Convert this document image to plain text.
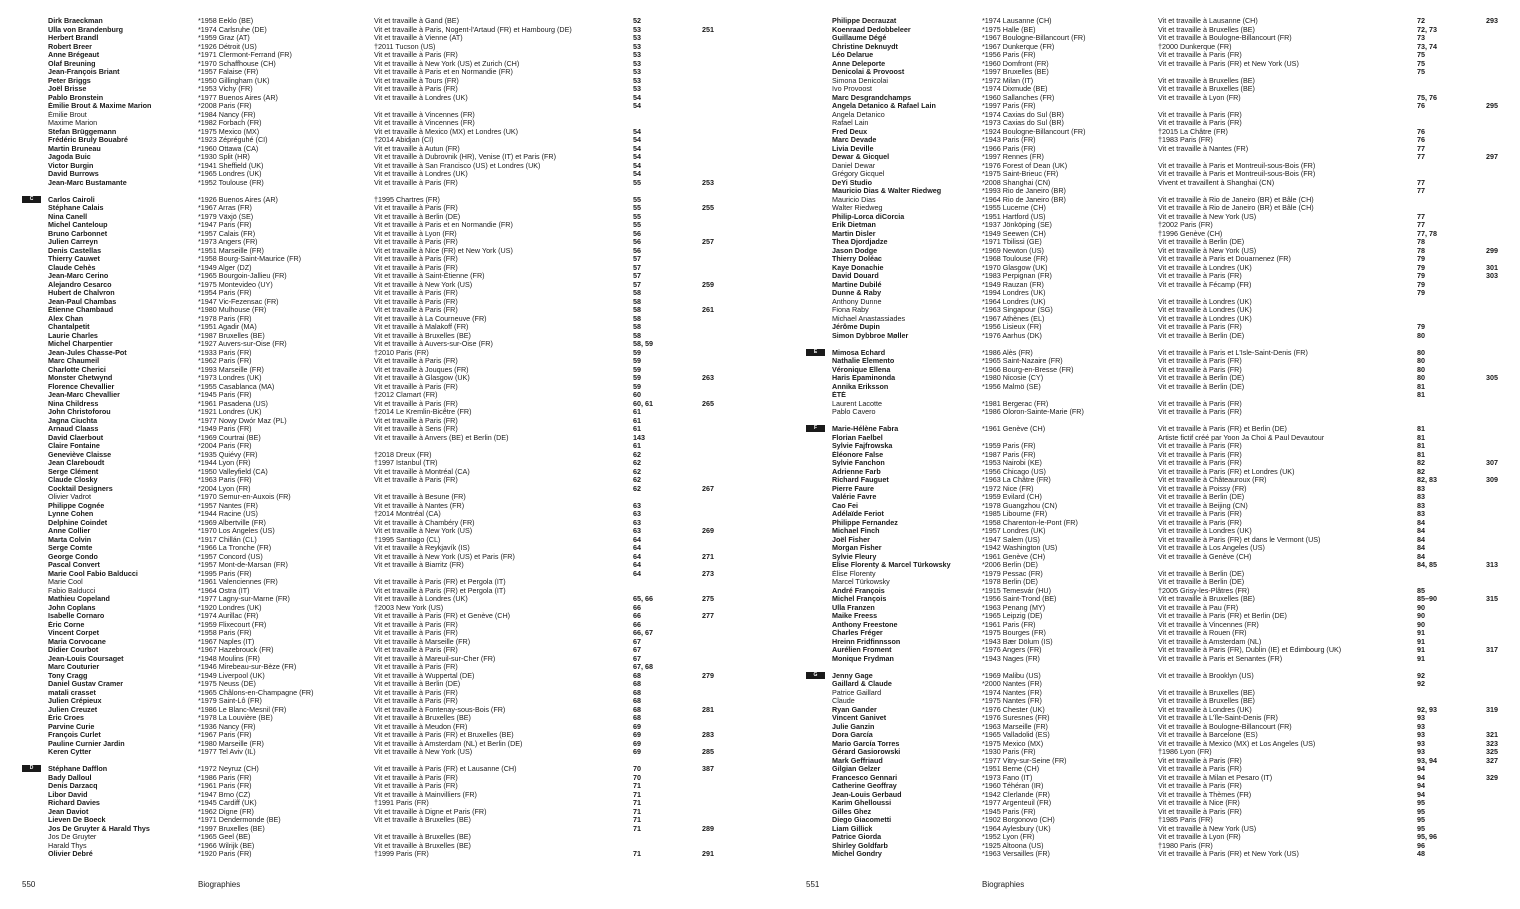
Dirk Braeckman	*1958 Eeklo (BE)	Vit et travaille à Gand (BE)	52
Ulla von Brandenburg	*1974 Carlsruhe (DE)	Vit et travaille à Paris, Nogent-l'Artaud (FR) et Hambourg (DE)	53	251
Herbert Brandl	*1959 Graz (AT)	Vit et travaille à Vienne (AT)	53
Robert Breer	*1926 Détroit (US)	†2011 Tucson (US)	53
Anne Brégeaut	*1971 Clermont-Ferrand (FR)	Vit et travaille à Paris (FR)	53
Olaf Breuning	*1970 Schaffhouse (CH)	Vit et travaille à New York (US) et Zurich (CH)	53
Jean-François Briant	*1957 Falaise (FR)	Vit et travaille à Paris et en Normandie (FR)	53
Peter Briggs	*1950 Gillingham (UK)	Vit et travaille à Tours (FR)	53
Joël Brisse	*1953 Vichy (FR)	Vit et travaille à Paris (FR)	53
Pablo Bronstein	*1977 Buenos Aires (AR)	Vit et travaille à Londres (UK)	54
Émilie Brout & Maxime Marion	*2008 Paris (FR)	54
Émilie Brout	*1984 Nancy (FR)	Vit et travaille à Vincennes (FR)
Maxime Marion	*1982 Forbach (FR)	Vit et travaille à Vincennes (FR)
Stefan Brüggemann	*1975 Mexico (MX)	Vit et travaille à Mexico (MX) et Londres (UK)	54
Frédéric Bruly Bouabré	*1923 Zépréguhé (CI)	†2014 Abidjan (CI)	54
Martin Bruneau	*1960 Ottawa (CA)	Vit et travaille à Autun (FR)	54
Jagoda Buic	*1930 Split (HR)	Vit et travaille à Dubrovnik (HR), Venise (IT) et Paris (FR)	54
Victor Burgin	*1941 Sheffield (UK)	Vit et travaille à San Francisco (US) et Londres (UK)	54
David Burrows	*1965 Londres (UK)	Vit et travaille à Londres (UK)	54
Jean-Marc Bustamante	*1952 Toulouse (FR)	Vit et travaille à Paris (FR)	55	253
C	Carlos Cairoli	*1926 Buenos Aires (AR)	†1995 Chartres (FR)	55
Stéphane Calais	*1967 Arras (FR)	Vit et travaille à Paris (FR)	55	255
Nina Canell	*1979 Växjö (SE)	Vit et travaille à Berlin (DE)	55
Michel Canteloup	*1947 Paris (FR)	Vit et travaille à Paris et en Normandie (FR)	55
Bruno Carbonnet	*1957 Calais (FR)	Vit et travaille à Lyon (FR)	56
Julien Carreyn	*1973 Angers (FR)	Vit et travaille à Paris (FR)	56	257
Denis Castellas	*1951 Marseille (FR)	Vit et travaille à Nice (FR) et New York (US)	56
Thierry Cauwet	*1958 Bourg-Saint-Maurice (FR)	Vit et travaille à Paris (FR)	57
Claude Cehès	*1949 Alger (DZ)	Vit et travaille à Paris (FR)	57
Jean-Marc Cerino	*1965 Bourgoin-Jallieu (FR)	Vit et travaille à Saint-Étienne (FR)	57
Alejandro Cesarco	*1975 Montevideo (UY)	Vit et travaille à New York (US)	57	259
Hubert de Chalvron	*1954 Paris (FR)	Vit et travaille à Paris (FR)	58
Jean-Paul Chambas	*1947 Vic-Fezensac (FR)	Vit et travaille à Paris (FR)	58
Étienne Chambaud	*1980 Mulhouse (FR)	Vit et travaille à Paris (FR)	58	261
Alex Chan	*1978 Paris (FR)	Vit et travaille à La Courneuve (FR)	58
Chantalpetit	*1951 Agadir (MA)	Vit et travaille à Malakoff (FR)	58
Laurie Charles	*1987 Bruxelles (BE)	Vit et travaille à Bruxelles (BE)	58
Michel Charpentier	*1927 Auvers-sur-Oise (FR)	Vit et travaille à Auvers-sur-Oise (FR)	58, 59
Jean-Jules Chasse-Pot	*1933 Paris (FR)	†2010 Paris (FR)	59
Marc Chaumeil	*1962 Paris (FR)	Vit et travaille à Paris (FR)	59
Charlotte Cherici	*1993 Marseille (FR)	Vit et travaille à Jouques (FR)	59
Monster Chetwynd	*1973 Londres (UK)	Vit et travaille à Glasgow (UK)	59	263
Florence Chevallier	*1955 Casablanca (MA)	Vit et travaille à Paris (FR)	59
Jean-Marc Chevallier	*1945 Paris (FR)	†2012 Clamart (FR)	60
Nina Childress	*1961 Pasadena (US)	Vit et travaille à Paris (FR)	60, 61	265
John Christoforou	*1921 Londres (UK)	†2014 Le Kremlin-Bicêtre (FR)	61
Jagna Ciuchta	*1977 Nowy Dwór Maz (PL)	Vit et travaille à Paris (FR)	61
Arnaud Claass	*1949 Paris (FR)	Vit et travaille à Sens (FR)	61
David Claerbout	*1969 Courtrai (BE)	Vit et travaille à Anvers (BE) et Berlin (DE)	143
Claire Fontaine	*2004 Paris (FR)	61
Geneviève Claisse	*1935 Quiévy (FR)	†2018 Dreux (FR)	62
Jean Clareboudt	*1944 Lyon (FR)	†1997 Istanbul (TR)	62
Serge Clément	*1950 Valleyfield (CA)	Vit et travaille à Montréal (CA)	62
Claude Closky	*1963 Paris (FR)	Vit et travaille à Paris (FR)	62
Cocktail Designers	*2004 Lyon (FR)	62	267
Olivier Vadrot	*1970 Semur-en-Auxois (FR)	Vit et travaille à Besune (FR)
Philippe Cognée	*1957 Nantes (FR)	Vit et travaille à Nantes (FR)	63
Lynne Cohen	*1944 Racine (US)	†2014 Montréal (CA)	63
Delphine Coindet	*1969 Albertville (FR)	Vit et travaille à Chambéry (FR)	63
Anne Collier	*1970 Los Angeles (US)	Vit et travaille à New York (US)	63	269
Marta Colvin	*1917 Chillán (CL)	†1995 Santiago (CL)	64
Serge Comte	*1966 La Tronche (FR)	Vit et travaille à Reykjavík (IS)	64
George Condo	*1957 Concord (US)	Vit et travaille à New York (US) et Paris (FR)	64	271
Pascal Convert	*1957 Mont-de-Marsan (FR)	Vit et travaille à Biarritz (FR)	64
Marie Cool Fabio Balducci	*1995 Paris (FR)	64	273
Marie Cool	*1961 Valenciennes (FR)	Vit et travaille à Paris (FR) et Pergola (IT)
Fabio Balducci	*1964 Ostra (IT)	Vit et travaille à Paris (FR) et Pergola (IT)
Mathieu Copeland	*1977 Lagny-sur-Marne (FR)	Vit et travaille à Londres (UK)	65, 66	275
John Coplans	*1920 Londres (UK)	†2003 New York (US)	66
Isabelle Cornaro	*1974 Aurillac (FR)	Vit et travaille à Paris (FR) et Genève (CH)	66	277
Éric Corne	*1959 Flixecourt (FR)	Vit et travaille à Paris (FR)	66
Vincent Corpet	*1958 Paris (FR)	Vit et travaille à Paris (FR)	66, 67
Maria Corvocane	*1967 Naples (IT)	Vit et travaille à Marseille (FR)	67
Didier Courbot	*1967 Hazebrouck (FR)	Vit et travaille à Paris (FR)	67
Jean-Louis Coursaget	*1948 Moulins (FR)	Vit et travaille à Mareuil-sur-Cher (FR)	67
Marc Couturier	*1946 Mirebeau-sur-Bèze (FR)	Vit et travaille à Paris (FR)	67, 68
Tony Cragg	*1949 Liverpool (UK)	Vit et travaille à Wuppertal (DE)	68	279
Daniel Gustav Cramer	*1975 Neuss (DE)	Vit et travaille à Berlin (DE)	68
matali crasset	*1965 Châlons-en-Champagne (FR)	Vit et travaille à Paris (FR)	68
Julien Crépieux	*1979 Saint-Lô (FR)	Vit et travaille à Paris (FR)	68
Julien Creuzet	*1986 Le Blanc-Mesnil (FR)	Vit et travaille à Fontenay-sous-Bois (FR)	68	281
Éric Croes	*1978 La Louvière (BE)	Vit et travaille à Bruxelles (BE)	68
Parvine Curie	*1936 Nancy (FR)	Vit et travaille à Meudon (FR)	69
François Curlet	*1967 Paris (FR)	Vit et travaille à Paris (FR) et Bruxelles (BE)	69	283
Pauline Curnier Jardin	*1980 Marseille (FR)	Vit et travaille à Amsterdam (NL) et Berlin (DE)	69
Keren Cytter	*1977 Tel Aviv (IL)	Vit et travaille à New York (US)	69	285
D	Stéphane Dafflon	*1972 Neyruz (CH)	Vit et travaille à Paris (FR) et Lausanne (CH)	70	387
Bady Dalloul	*1986 Paris (FR)	Vit et travaille à Paris (FR)	70
Denis Darzacq	*1961 Paris (FR)	Vit et travaille à Paris (FR)	71
Libor David	*1947 Brno (CZ)	Vit et travaille à Mainvilliers (FR)	71
Richard Davies	*1945 Cardiff (UK)	†1991 Paris (FR)	71
Jean Daviot	*1962 Digne (FR)	Vit et travaille à Digne et Paris (FR)	71
Lieven De Boeck	*1971 Dendermonde (BE)	Vit et travaille à Bruxelles (BE)	71
Jos De Gruyter & Harald Thys	*1997 Bruxelles (BE)	71	289
Jos De Gruyter	*1965 Geel (BE)	Vit et travaille à Bruxelles (BE)
Harald Thys	*1966 Wilrijk (BE)	Vit et travaille à Bruxelles (BE)
Olivier Debré	*1920 Paris (FR)	†1999 Paris (FR)	71	291
550	Biographies
Philippe Decrauzat	*1974 Lausanne (CH)	Vit et travaille à Lausanne (CH)	72	293
Koenraad Dedobbeleer	*1975 Halle (BE)	Vit et travaille à Bruxelles (BE)	72, 73
Guillaume Dégé	*1967 Boulogne-Billancourt (FR)	Vit et travaille à Boulogne-Billancourt (FR)	73
Christine Deknuydt	*1967 Dunkerque (FR)	†2000 Dunkerque (FR)	73, 74
Léo Delarue	*1956 Paris (FR)	Vit et travaille à Paris (FR)	75
Anne Deleporte	*1960 Domfront (FR)	Vit et travaille à Paris (FR) et New York (US)	75
Denicolai & Provoost	*1997 Bruxelles (BE)	75
Simona Denicolai	*1972 Milan (IT)	Vit et travaille à Bruxelles (BE)
Ivo Provoost	*1974 Dixmude (BE)	Vit et travaille à Bruxelles (BE)
Marc Desgrandchamps	*1960 Sallanches (FR)	Vit et travaille à Lyon (FR)	75, 76
Angela Detanico & Rafael Lain	*1997 Paris (FR)	76	295
Angela Detanico	*1974 Caxias do Sul (BR)	Vit et travaille à Paris (FR)
Rafael Lain	*1973 Caxias do Sul (BR)	Vit et travaille à Paris (FR)
Fred Deux	*1924 Boulogne-Billancourt (FR)	†2015 La Châtre (FR)	76
Marc Devade	*1943 Paris (FR)	†1983 Paris (FR)	76
Livia Deville	*1966 Paris (FR)	Vit et travaille à Nantes (FR)	77
Dewar & Gicquel	*1997 Rennes (FR)	77	297
Daniel Dewar	*1976 Forest of Dean (UK)	Vit et travaille à Paris et Montreuil-sous-Bois (FR)
Grégory Gicquel	*1975 Saint-Brieuc (FR)	Vit et travaille à Paris et Montreuil-sous-Bois (FR)
DeYi Studio	*2008 Shanghai (CN)	Vivent et travaillent à Shanghai (CN)	77
Mauricio Dias & Walter Riedweg	*1993 Rio de Janeiro (BR)	77
Mauricio Dias	*1964 Rio de Janeiro (BR)	Vit et travaille à Rio de Janeiro (BR) et Bâle (CH)
Walter Riedweg	*1955 Lucerne (CH)	Vit et travaille à Rio de Janeiro (BR) et Bâle (CH)
Philip-Lorca diCorcia	*1951 Hartford (US)	Vit et travaille à New York (US)	77
Erik Dietman	*1937 Jönköping (SE)	†2002 Paris (FR)	77
Martin Disler	*1949 Seewen (CH)	†1996 Genève (CH)	77, 78
Thea Djordjadze	*1971 Tbilissi (GE)	Vit et travaille à Berlin (DE)	78
Jason Dodge	*1969 Newton (US)	Vit et travaille à New York (US)	78	299
Thierry Doléac	*1968 Toulouse (FR)	Vit et travaille à Paris et Douarnenez (FR)	79
Kaye Donachie	*1970 Glasgow (UK)	Vit et travaille à Londres (UK)	79	301
David Douard	*1983 Perpignan (FR)	Vit et travaille à Paris (FR)	79	303
Martine Dubilé	*1949 Rauzan (FR)	Vit et travaille à Fécamp (FR)	79
Dunne & Raby	*1994 Londres (UK)	79
Anthony Dunne	*1964 Londres (UK)	Vit et travaille à Londres (UK)
Fiona Raby	*1963 Singapour (SG)	Vit et travaille à Londres (UK)
Michael Anastassiades	*1967 Athènes (EL)	Vit et travaille à Londres (UK)
Jérôme Dupin	*1956 Lisieux (FR)	Vit et travaille à Paris (FR)	79
Simon Dybbroe Møller	*1976 Aarhus (DK)	Vit et travaille à Berlin (DE)	80
E	Mimosa Echard	*1986 Alès (FR)	Vit et travaille à Paris et L'Isle-Saint-Denis (FR)	80
Nathalie Elemento	*1965 Saint-Nazaire (FR)	Vit et travaille à Paris (FR)	80
Véronique Ellena	*1966 Bourg-en-Bresse (FR)	Vit et travaille à Paris (FR)	80
Haris Epaminonda	*1980 Nicosie (CY)	Vit et travaille à Berlin (DE)	80	305
Annika Eriksson	*1956 Malmö (SE)	Vit et travaille à Berlin (DE)	81
ÉTÉ	81
Laurent Lacotte	*1981 Bergerac (FR)	Vit et travaille à Paris (FR)
Pablo Cavero	*1986 Oloron-Sainte-Marie (FR)	Vit et travaille à Paris (FR)
F	Marie-Hélène Fabra	*1961 Genève (CH)	Vit et travaille à Paris (FR) et Berlin (DE)	81
Florian Faelbel	Artiste fictif créé par Yoon Ja Choi & Paul Devautour	81
Sylvie Fajfrowska	*1959 Paris (FR)	Vit et travaille à Paris (FR)	81
Éléonore False	*1987 Paris (FR)	Vit et travaille à Paris (FR)	81
Sylvie Fanchon	*1953 Nairobi (KE)	Vit et travaille à Paris (FR)	82	307
Adrienne Farb	*1956 Chicago (US)	Vit et travaille à Paris (FR) et Londres (UK)	82
Richard Fauguet	*1963 La Châtre (FR)	Vit et travaille à Châteauroux (FR)	82, 83	309
Pierre Faure	*1972 Nice (FR)	Vit et travaille à Poissy (FR)	83
Valérie Favre	*1959 Evilard (CH)	Vit et travaille à Berlin (DE)	83
Cao Fei	*1978 Guangzhou (CN)	Vit et travaille à Beijing (CN)	83
Adélaïde Feriot	*1985 Libourne (FR)	Vit et travaille à Paris (FR)	83
Philippe Fernandez	*1958 Charenton-le-Pont (FR)	Vit et travaille à Paris (FR)	84
Michael Finch	*1957 Londres (UK)	Vit et travaille à Londres (UK)	84
Joël Fisher	*1947 Salem (US)	Vit et travaille à Paris (FR) et dans le Vermont (US)	84
Morgan Fisher	*1942 Washington (US)	Vit et travaille à Los Angeles (US)	84
Sylvie Fleury	*1961 Genève (CH)	Vit et travaille à Genève (CH)	84
Elise Florenty & Marcel Türkowsky	*2006 Berlin (DE)	84, 85	313
Élise Florenty	*1979 Pessac (FR)	Vit et travaille à Berlin (DE)
Marcel Türkowsky	*1978 Berlin (DE)	Vit et travaille à Berlin (DE)
André François	*1915 Temesvár (HU)	†2005 Grisy-les-Plâtres (FR)	85
Michel François	*1956 Saint-Trond (BE)	Vit et travaille à Bruxelles (BE)	85–90	315
Ulla Franzen	*1963 Penang (MY)	Vit et travaille à Pau (FR)	90
Maike Freess	*1965 Leipzig (DE)	Vit et travaille à Paris (FR) et Berlin (DE)	90
Anthony Freestone	*1961 Paris (FR)	Vit et travaille à Vincennes (FR)	90
Charles Fréger	*1975 Bourges (FR)	Vit et travaille à Rouen (FR)	91
Hreinn Fridfinnsson	*1943 Bær Dölum (IS)	Vit et travaille à Amsterdam (NL)	91
Aurélien Froment	*1976 Angers (FR)	Vit et travaille à Paris (FR), Dublin (IE) et Édimbourg (UK)	91	317
Monique Frydman	*1943 Nages (FR)	Vit et travaille à Paris et Senantes (FR)	91
G	Jenny Gage	*1969 Malibu (US)	Vit et travaille à Brooklyn (US)	92
Gaillard & Claude	*2000 Nantes (FR)	92
Patrice Gaillard	*1974 Nantes (FR)	Vit et travaille à Bruxelles (BE)
Claude	*1975 Nantes (FR)	Vit et travaille à Bruxelles (BE)
Ryan Gander	*1976 Chester (UK)	Vit et travaille à Londres (UK)	92, 93	319
Vincent Ganivet	*1976 Suresnes (FR)	Vit et travaille à L'Île-Saint-Denis (FR)	93
Julie Ganzin	*1963 Marseille (FR)	Vit et travaille à Boulogne-Billancourt (FR)	93
Dora García	*1965 Valladolid (ES)	Vit et travaille à Barcelone (ES)	93	321
Mario García Torres	*1975 Mexico (MX)	Vit et travaille à Mexico (MX) et Los Angeles (US)	93	323
Gérard Gasiorowski	*1930 Paris (FR)	†1986 Lyon (FR)	93	325
Mark Geffriaud	*1977 Vitry-sur-Seine (FR)	Vit et travaille à Paris (FR)	93, 94	327
Gilgian Gelzer	*1951 Berne (CH)	Vit et travaille à Paris (FR)	94
Francesco Gennari	*1973 Fano (IT)	Vit et travaille à Milan et Pesaro (IT)	94	329
Catherine Geoffray	*1960 Téhéran (IR)	Vit et travaille à Paris (FR)	94
Jean-Louis Gerbaud	*1942 Clerlande (FR)	Vit et travaille à Thèmes (FR)	94
Karim Ghelloussi	*1977 Argenteuil (FR)	Vit et travaille à Nice (FR)	95
Gilles Ghez	*1945 Paris (FR)	Vit et travaille à Paris (FR)	95
Diego Giacometti	*1902 Borgonovo (CH)	†1985 Paris (FR)	95
Liam Gillick	*1964 Aylesbury (UK)	Vit et travaille à New York (US)	95
Patrice Giorda	*1952 Lyon (FR)	Vit et travaille à Lyon (FR)	95, 96
Shirley Goldfarb	*1925 Altoona (US)	†1980 Paris (FR)	96
Michel Gondry	*1963 Versailles (FR)	Vit et travaille à Paris (FR) et New York (US)	48
551	Biographies
